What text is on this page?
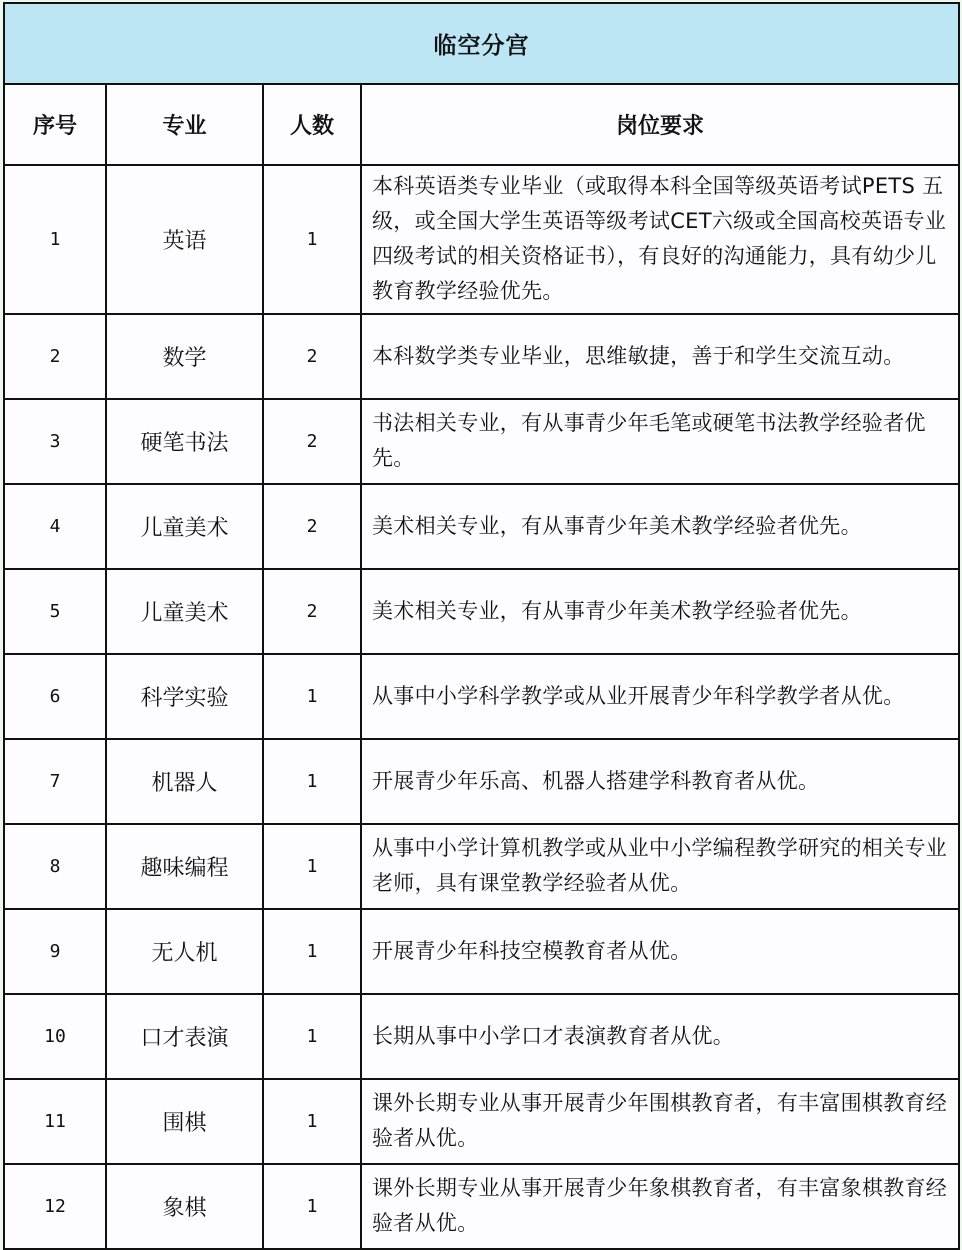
临空分宫			
序号	专业	人数	岗位要求
1	英语	1	本科英语类专业毕业（或取得本科全国等级英语考试PETS 五级，或全国大学生英语等级考试CET六级或全国高校英语专业四级考试的相关资格证书），有良好的沟通能力，具有幼少儿教育教学经验优先。
2	数学	2	本科数学类专业毕业，思维敏捷，善于和学生交流互动。
3	硬笔书法	2	书法相关专业，有从事青少年毛笔或硬笔书法教学经验者优先。
4	儿童美术	2	美术相关专业，有从事青少年美术教学经验者优先。
5	儿童美术	2	美术相关专业，有从事青少年美术教学经验者优先。
6	科学实验	1	从事中小学科学教学或从业开展青少年科学教学者从优。
7	机器人	1	开展青少年乐高、机器人搭建学科教育者从优。
8	趣味编程	1	从事中小学计算机教学或从业中小学编程教学研究的相关专业老师，具有课堂教学经验者从优。
9	无人机	1	开展青少年科技空模教育者从优。
10	口才表演	1	长期从事中小学口才表演教育者从优。
11	围棋	1	课外长期专业从事开展青少年围棋教育者，有丰富围棋教育经验者从优。
12	象棋	1	课外长期专业从事开展青少年象棋教育者，有丰富象棋教育经验者从优。
